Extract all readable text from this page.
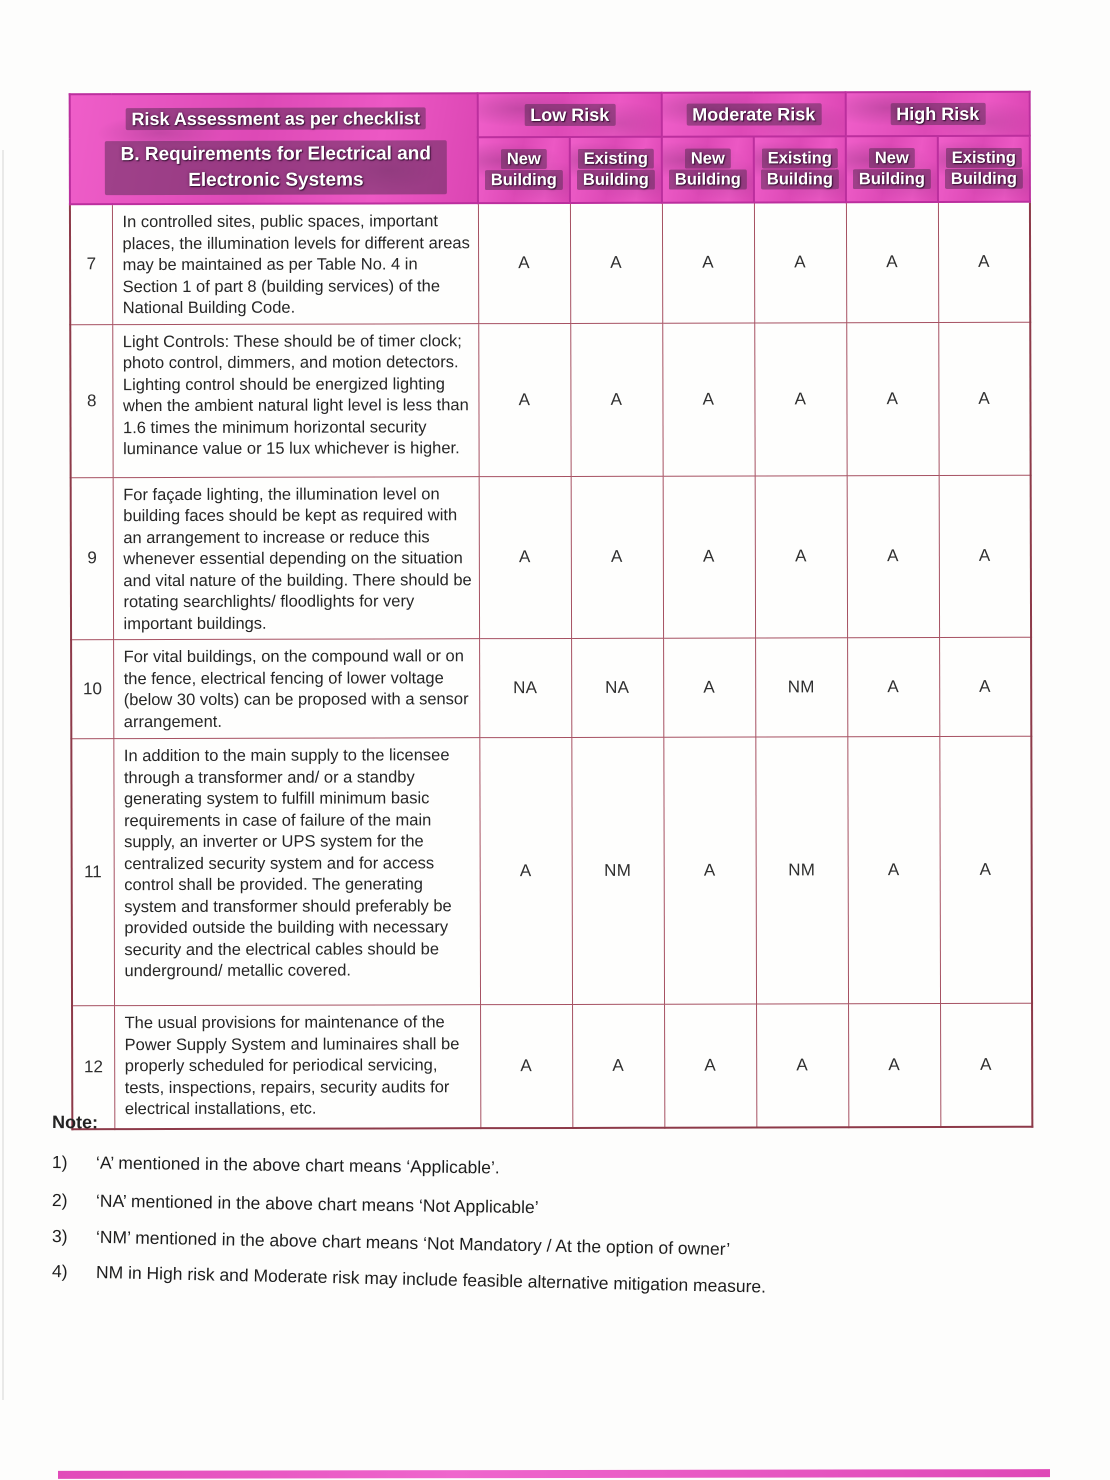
Risk Assessment as per checklist
B. Requirements for Electrical and Electronic Systems		Low Risk		Moderate Risk		High Risk	
		New Building	Existing Building	New Building	Existing Building	New Building	Existing Building
7	In controlled sites, public spaces, important places, the illumination levels for different areas may be maintained as per Table No. 4 in Section 1 of part 8 (building services) of the National Building Code.	A	A	A	A	A	A
8	Light Controls: These should be of timer clock; photo control, dimmers, and motion detectors. Lighting control should be energized lighting when the ambient natural light level is less than 1.6 times the minimum horizontal security luminance value or 15 lux whichever is higher.	A	A	A	A	A	A
9	For façade lighting, the illumination level on building faces should be kept as required with an arrangement to increase or reduce this whenever essential depending on the situation and vital nature of the building. There should be rotating searchlights/ floodlights for very important buildings.	A	A	A	A	A	A
10	For vital buildings, on the compound wall or on the fence, electrical fencing of lower voltage (below 30 volts) can be proposed with a sensor arrangement.	NA	NA	A	NM	A	A
11	In addition to the main supply to the licensee through a transformer and/ or a standby generating system to fulfill minimum basic requirements in case of failure of the main supply, an inverter or UPS system for the centralized security system and for access control shall be provided. The generating system and transformer should preferably be provided outside the building with necessary security and the electrical cables should be underground/ metallic covered.	A	NM	A	NM	A	A
12	The usual provisions for maintenance of the Power Supply System and luminaires shall be properly scheduled for periodical servicing, tests, inspections, repairs, security audits for electrical installations, etc.	A	A	A	A	A	A
Note:
1)	‘A’ mentioned in the above chart means ‘Applicable’.
2)	‘NA’ mentioned in the above chart means ‘Not Applicable’
3)	‘NM’ mentioned in the above chart means ‘Not Mandatory / At the option of owner’
4)	NM in High risk and Moderate risk may include feasible alternative mitigation measure.
